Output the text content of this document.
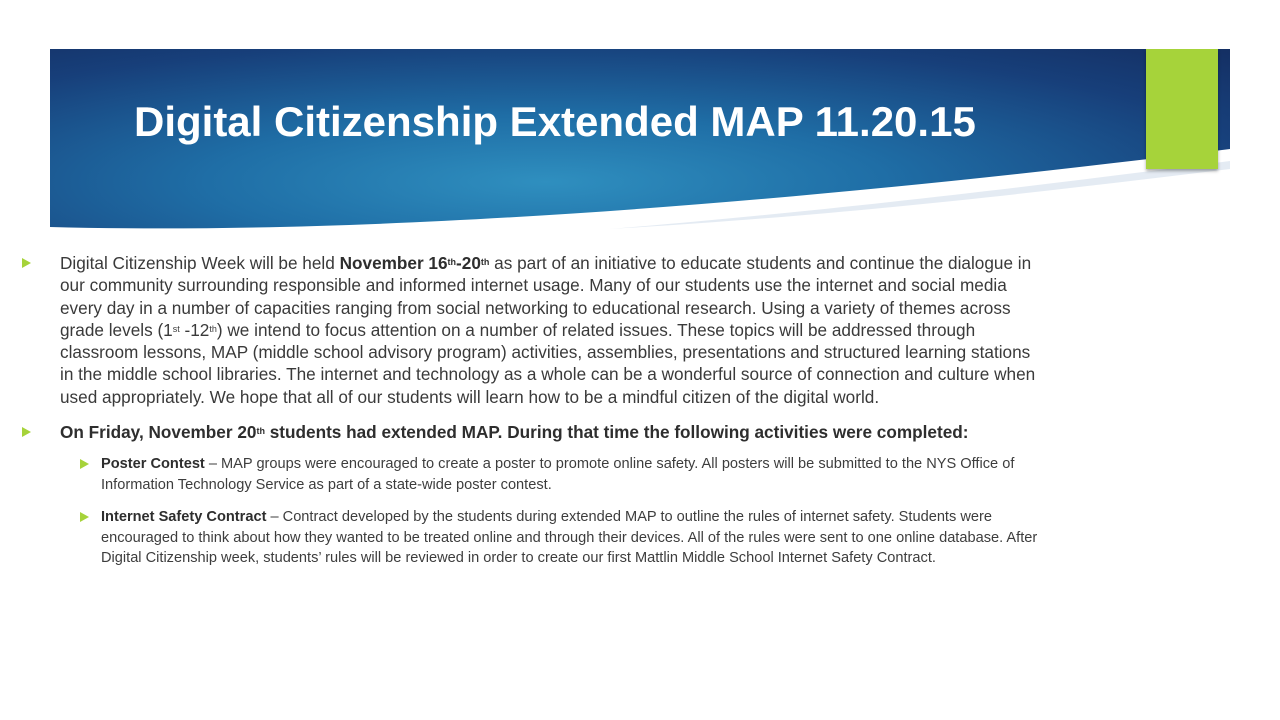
Digital Citizenship Extended MAP 11.20.15
Digital Citizenship Week will be held November 16th-20th as part of an initiative to educate students and continue the dialogue in our community surrounding responsible and informed internet usage. Many of our students use the internet and social media every day in a number of capacities ranging from social networking to educational research. Using a variety of themes across grade levels (1st -12th) we intend to focus attention on a number of related issues. These topics will be addressed through classroom lessons, MAP (middle school advisory program) activities, assemblies, presentations and structured learning stations in the middle school libraries. The internet and technology as a whole can be a wonderful source of connection and culture when used appropriately. We hope that all of our students will learn how to be a mindful citizen of the digital world.
On Friday, November 20th students had extended MAP. During that time the following activities were completed:
Poster Contest – MAP groups were encouraged to create a poster to promote online safety. All posters will be submitted to the NYS Office of Information Technology Service as part of a state-wide poster contest.
Internet Safety Contract – Contract developed by the students during extended MAP to outline the rules of internet safety. Students were encouraged to think about how they wanted to be treated online and through their devices. All of the rules were sent to one online database. After Digital Citizenship week, students’ rules will be reviewed in order to create our first Mattlin Middle School Internet Safety Contract.
